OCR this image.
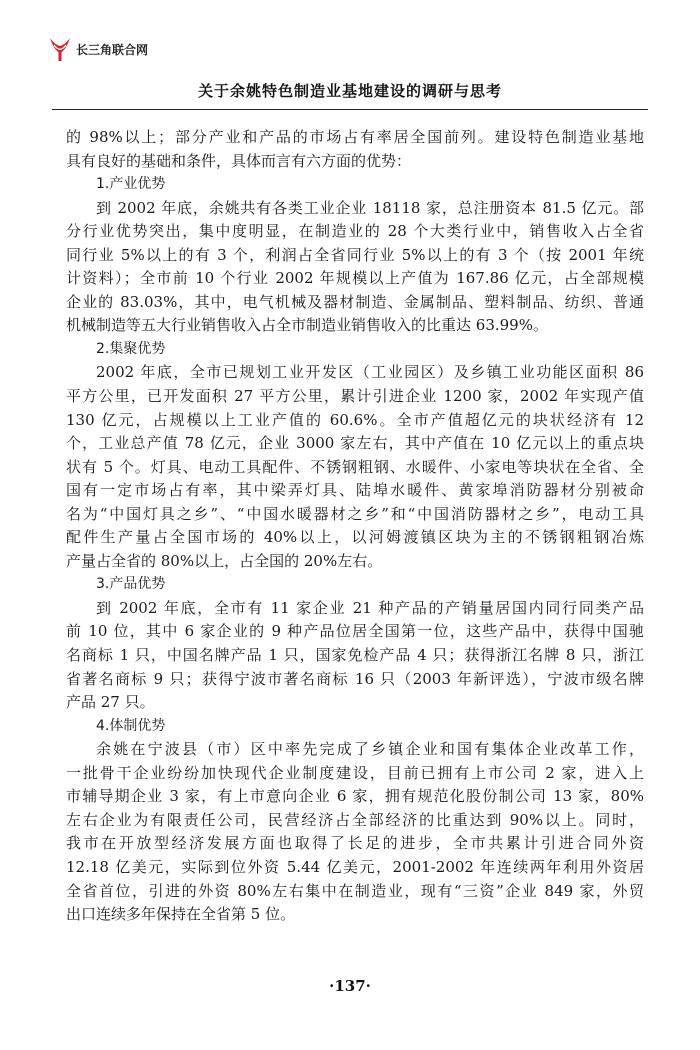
长三角联合网
关于余姚特色制造业基地建设的调研与思考
的 98%以上；部分产业和产品的市场占有率居全国前列。建设特色制造业基地
具有良好的基础和条件，具体而言有六方面的优势：
1.产业优势
到 2002 年底，余姚共有各类工业企业 18118 家，总注册资本 81.5 亿元。部
分行业优势突出，集中度明显，在制造业的 28 个大类行业中，销售收入占全省
同行业 5%以上的有 3 个，利润占全省同行业 5%以上的有 3 个（按 2001 年统
计资料）；全市前 10 个行业 2002 年规模以上产值为 167.86 亿元，占全部规模
企业的 83.03%，其中，电气机械及器材制造、金属制品、塑料制品、纺织、普通
机械制造等五大行业销售收入占全市制造业销售收入的比重达 63.99%。
2.集聚优势
2002 年底，全市已规划工业开发区（工业园区）及乡镇工业功能区面积 86
平方公里，已开发面积 27 平方公里，累计引进企业 1200 家，2002 年实现产值
130 亿元，占规模以上工业产值的 60.6%。全市产值超亿元的块状经济有 12
个，工业总产值 78 亿元，企业 3000 家左右，其中产值在 10 亿元以上的重点块
状有 5 个。灯具、电动工具配件、不锈钢粗钢、水暖件、小家电等块状在全省、全
国有一定市场占有率，其中梁弄灯具、陆埠水暖件、黄家埠消防器材分别被命
名为“中国灯具之乡”、“中国水暖器材之乡”和“中国消防器材之乡”，电动工具
配件生产量占全国市场的 40%以上，以河姆渡镇区块为主的不锈钢粗钢冶炼
产量占全省的 80%以上，占全国的 20%左右。
3.产品优势
到 2002 年底，全市有 11 家企业 21 种产品的产销量居国内同行同类产品
前 10 位，其中 6 家企业的 9 种产品位居全国第一位，这些产品中，获得中国驰
名商标 1 只，中国名牌产品 1 只，国家免检产品 4 只；获得浙江名牌 8 只，浙江
省著名商标 9 只；获得宁波市著名商标 16 只（2003 年新评选），宁波市级名牌
产品 27 只。
4.体制优势
余姚在宁波县（市）区中率先完成了乡镇企业和国有集体企业改革工作，
一批骨干企业纷纷加快现代企业制度建设，目前已拥有上市公司 2 家，进入上
市辅导期企业 3 家，有上市意向企业 6 家，拥有规范化股份制公司 13 家，80%
左右企业为有限责任公司，民营经济占全部经济的比重达到 90%以上。同时，
我市在开放型经济发展方面也取得了长足的进步，全市共累计引进合同外资
12.18 亿美元，实际到位外资 5.44 亿美元，2001-2002 年连续两年利用外资居
全省首位，引进的外资 80%左右集中在制造业，现有“三资”企业 849 家，外贸
出口连续多年保持在全省第 5 位。
·137·
